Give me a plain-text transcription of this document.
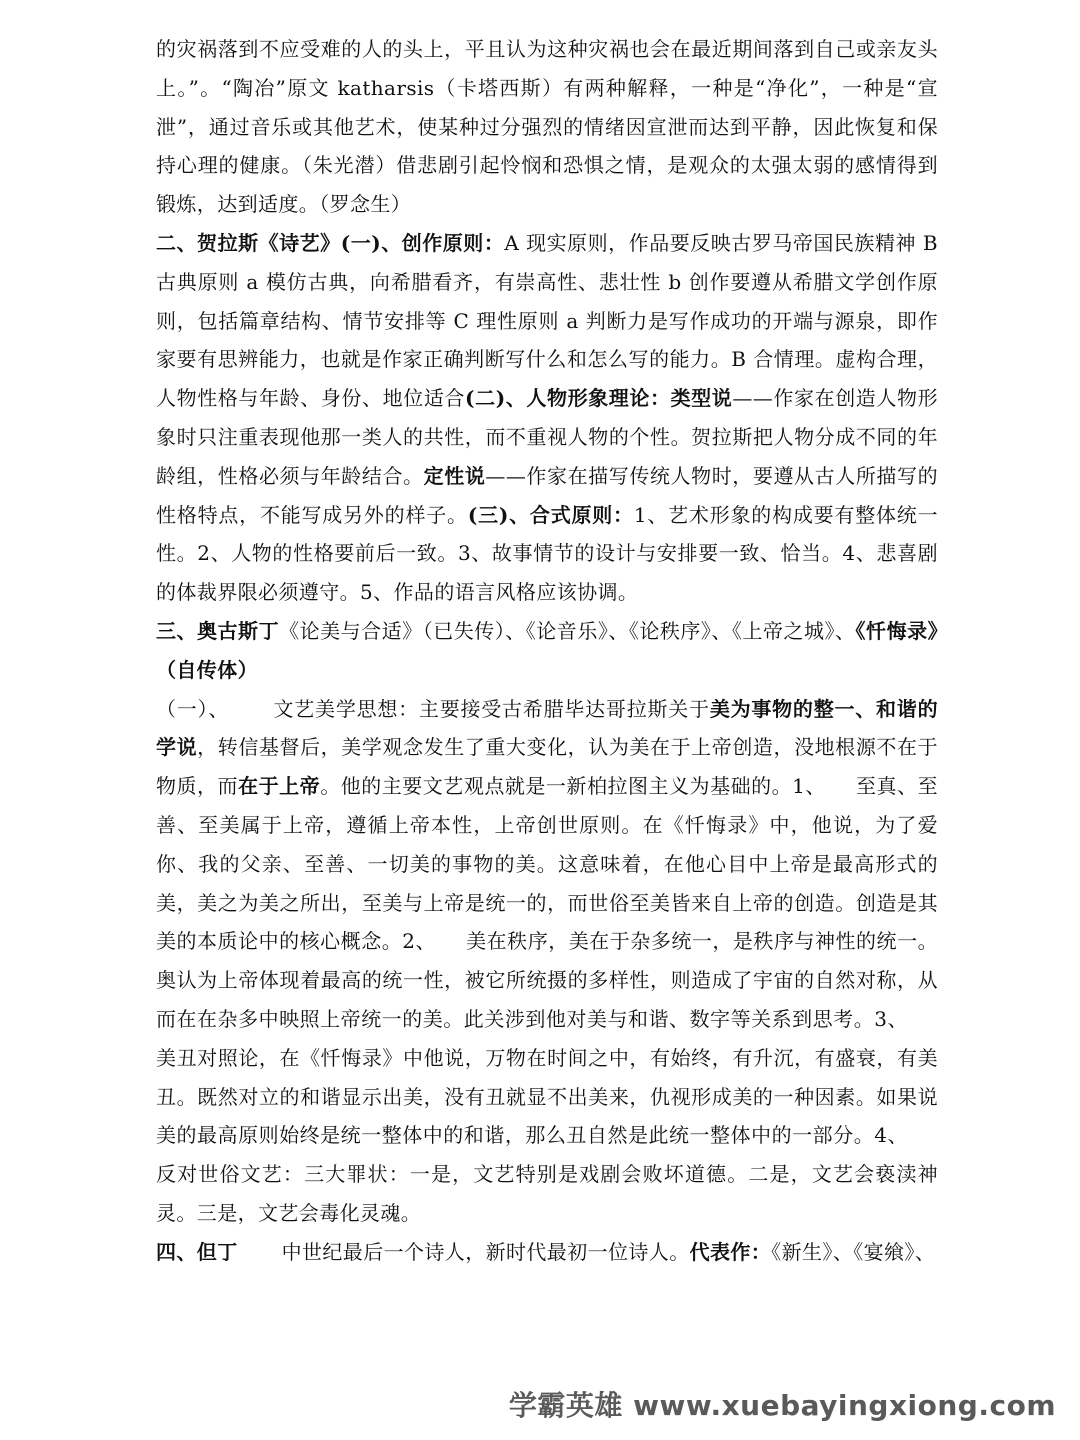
的灾祸落到不应受难的人的头上，平且认为这种灾祸也会在最近期间落到自己或亲友头上。”。“陶冶”原文 katharsis（卡塔西斯）有两种解释，一种是“净化”，一种是“宣泄”，通过音乐或其他艺术，使某种过分强烈的情绪因宣泄而达到平静，因此恢复和保持心理的健康。（朱光潜）借悲剧引起怜悯和恐惧之情，是观众的太强太弱的感情得到锻炼，达到适度。（罗念生）

二、贺拉斯《诗艺》(一)、创作原则：A 现实原则，作品要反映古罗马帝国民族精神 B 古典原则 a 模仿古典，向希腊看齐，有崇高性、悲壮性 b 创作要遵从希腊文学创作原则，包括篇章结构、情节安排等 C 理性原则 a 判断力是写作成功的开端与源泉，即作家要有思辨能力，也就是作家正确判断写什么和怎么写的能力。B 合情理。虚构合理，人物性格与年龄、身份、地位适合(二)、人物形象理论：类型说——作家在创造人物形象时只注重表现他那一类人的共性，而不重视人物的个性。贺拉斯把人物分成不同的年龄组，性格必须与年龄结合。定性说——作家在描写传统人物时，要遵从古人所描写的性格特点，不能写成另外的样子。(三)、合式原则：1、艺术形象的构成要有整体统一性。2、人物的性格要前后一致。3、故事情节的设计与安排要一致、恰当。4、悲喜剧的体裁界限必须遵守。5、作品的语言风格应该协调。

三、奥古斯丁《论美与合适》（已失传）、《论音乐》、《论秩序》、《上帝之城》、《忏悔录》（自传体）

（一）、 文艺美学思想：主要接受古希腊毕达哥拉斯关于美为事物的整一、和谐的学说，转信基督后，美学观念发生了重大变化，认为美在于上帝创造，没地根源不在于物质，而在于上帝。他的主要文艺观点就是一新柏拉图主义为基础的。1、 至真、至善、至美属于上帝，遵循上帝本性，上帝创世原则。在《忏悔录》中，他说，为了爱你、我的父亲、至善、一切美的事物的美。这意味着，在他心目中上帝是最高形式的美，美之为美之所出，至美与上帝是统一的，而世俗至美皆来自上帝的创造。创造是其美的本质论中的核心概念。2、 美在秩序，美在于杂多统一，是秩序与神性的统一。奥认为上帝体现着最高的统一性，被它所统摄的多样性，则造成了宇宙的自然对称，从而在在杂多中映照上帝统一的美。此关涉到他对美与和谐、数字等关系到思考。3、美丑对照论，在《忏悔录》中他说，万物在时间之中，有始终，有升沉，有盛衰，有美丑。既然对立的和谐显示出美，没有丑就显不出美来，仇视形成美的一种因素。如果说美的最高原则始终是统一整体中的和谐，那么丑自然是此统一整体中的一部分。4、反对世俗文艺：三大罪状：一是，文艺特别是戏剧会败坏道德。二是，文艺会亵渎神灵。三是，文艺会毒化灵魂。

四、但丁 中世纪最后一个诗人，新时代最初一位诗人。代表作：《新生》、《宴飨》、

学霸英雄 www.xuebayingxiong.com
